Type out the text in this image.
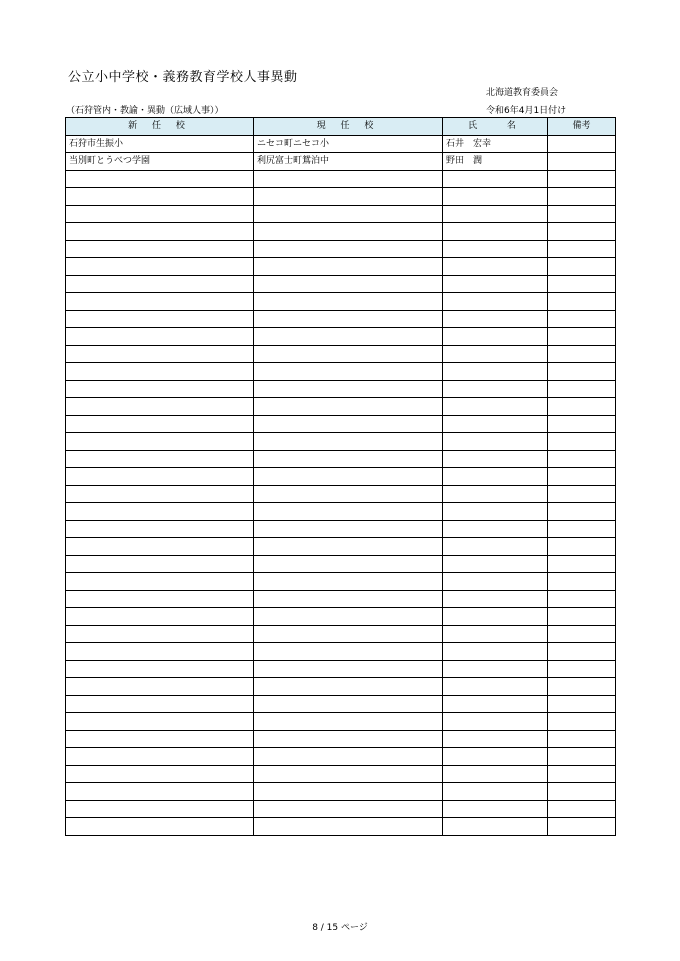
公立小中学校・義務教育学校人事異動
北海道教育委員会
（石狩管内・教諭・異動（広域人事））	令和6年4月1日付け
新 任 校	現 任 校	氏　 名	備考
石狩市生振小	ニセコ町ニセコ小	石井　宏幸	
当別町とうべつ学園	利尻富士町鴛泊中	野田　潤	

8 / 15 ページ
